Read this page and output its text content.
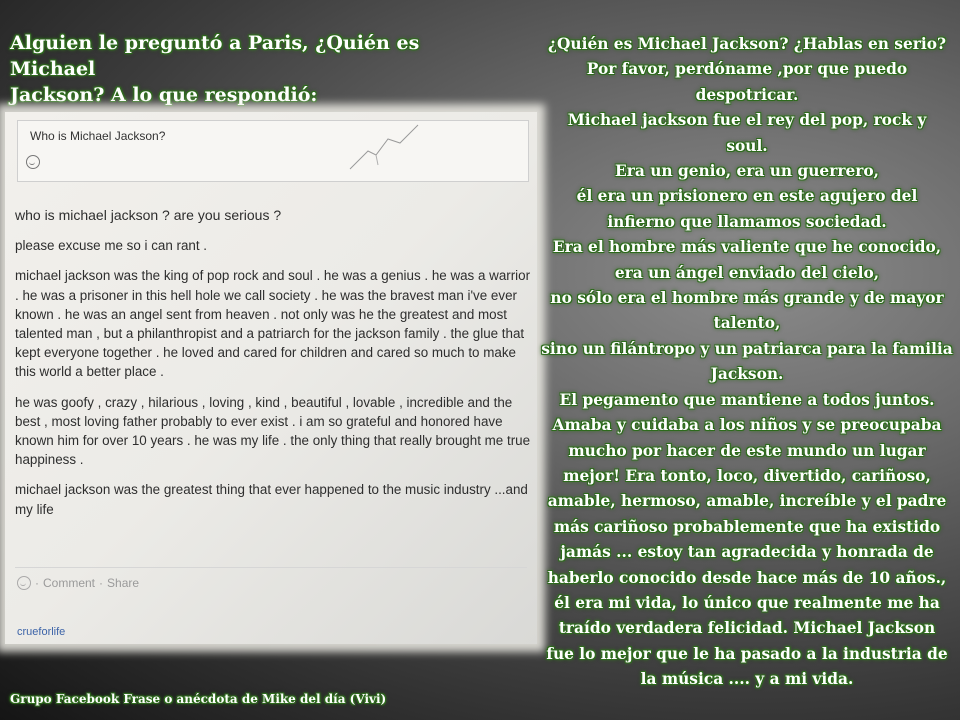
Alguien le preguntó a Paris, ¿Quién es Michael
Jackson? A lo que respondió:
Who is Michael Jackson?

who is michael jackson ? are you serious ?

please excuse me so i can rant .

michael jackson was the king of pop rock and soul . he was a genius . he was a warrior . he was a prisoner in this hell hole we call society . he was the bravest man i've ever known . he was an angel sent from heaven . not only was he the greatest and most talented man , but a philanthropist and a patriarch for the jackson family . the glue that kept everyone together . he loved and cared for children and cared so much to make this world a better place .

he was goofy , crazy , hilarious , loving , kind , beautiful , lovable , incredible and the best , most loving father probably to ever exist . i am so grateful and honored have known him for over 10 years . he was my life . the only thing that really brought me true happiness .

michael jackson was the greatest thing that ever happened to the music industry ...and my life

· Comment · Share
crueforlife
¿Quién es Michael Jackson? ¿Hablas en serio?
Por favor, perdóname ,por que puedo
despotricar.
Michael jackson fue el rey del pop, rock y
soul.
Era un genio, era un guerrero,
él era un prisionero en este agujero del
infierno que llamamos sociedad.
Era el hombre más valiente que he conocido,
era un ángel enviado del cielo,
no sólo era el hombre más grande y de mayor
talento,
sino un filántropo y un patriarca para la familia
Jackson.
El pegamento que mantiene a todos juntos.
Amaba y cuidaba a los niños y se preocupaba
mucho por hacer de este mundo un lugar
mejor! Era tonto, loco, divertido, cariñoso,
amable, hermoso, amable, increíble y el padre
más cariñoso probablemente que ha existido
jamás ... estoy tan agradecida y honrada de
haberlo conocido desde hace más de 10 años.,
él era mi vida, lo único que realmente me ha
traído verdadera felicidad. Michael Jackson
fue lo mejor que le ha pasado a la industria de
la música .... y a mi vida.
Grupo Facebook Frase o anécdota de Mike del día (Vivi)
